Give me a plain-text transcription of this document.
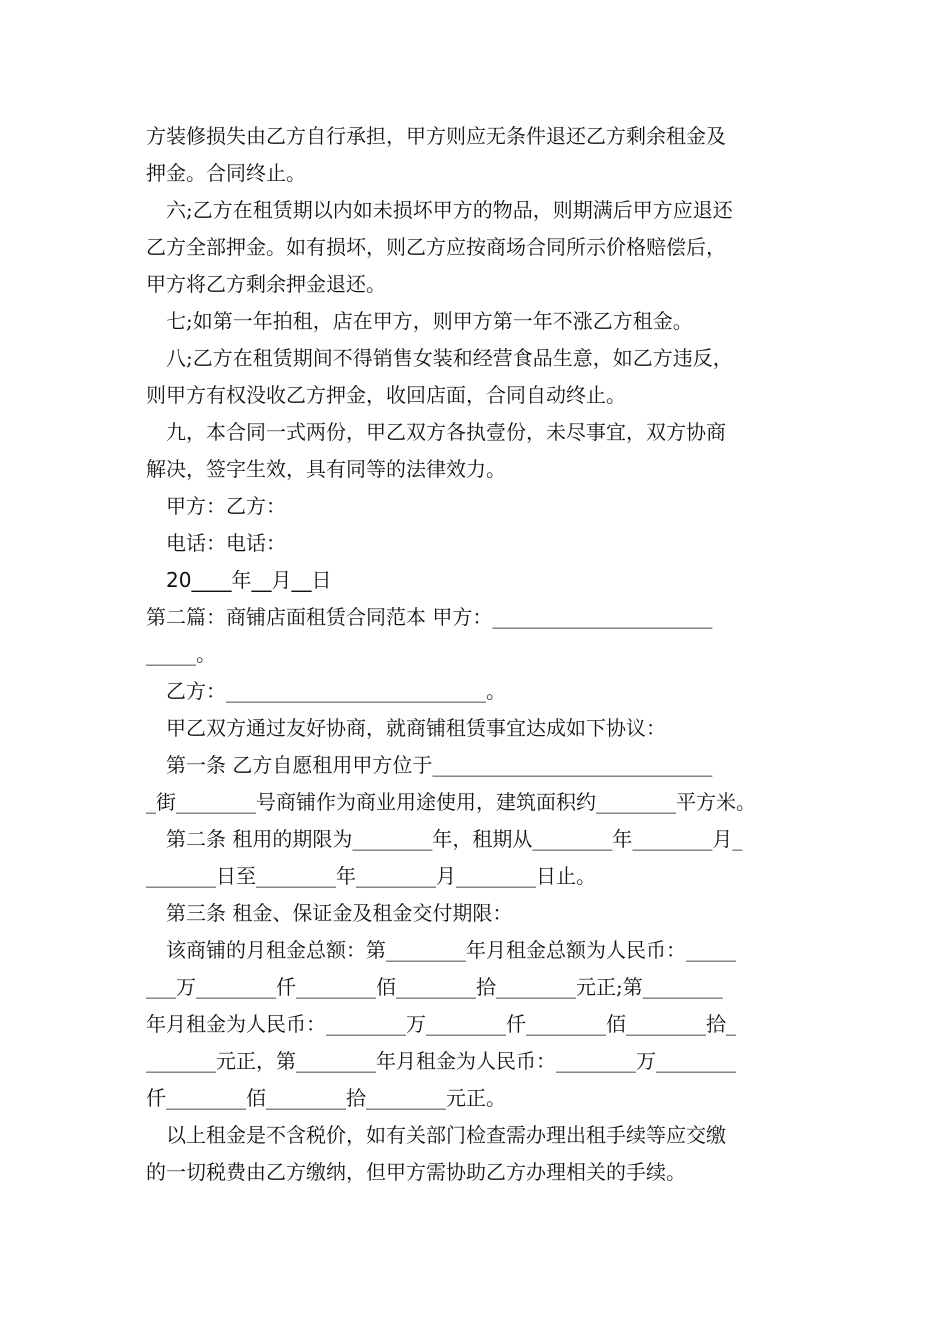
方装修损失由乙方自行承担，甲方则应无条件退还乙方剩余租金及
押金。合同终止。
六;乙方在租赁期以内如未损坏甲方的物品，则期满后甲方应退还
乙方全部押金。如有损坏，则乙方应按商场合同所示价格赔偿后，
甲方将乙方剩余押金退还。
七;如第一年拍租，店在甲方，则甲方第一年不涨乙方租金。
八;乙方在租赁期间不得销售女装和经营食品生意，如乙方违反，
则甲方有权没收乙方押金，收回店面，合同自动终止。
九，本合同一式两份，甲乙双方各执壹份，未尽事宜，双方协商
解决，签字生效，具有同等的法律效力。
甲方：乙方：
电话：电话：
20____年__月__日
第二篇：商铺店面租赁合同范本 甲方：______________________
_____。
乙方：__________________________。
甲乙双方通过友好协商，就商铺租赁事宜达成如下协议：
第一条 乙方自愿租用甲方位于____________________________
_街________号商铺作为商业用途使用，建筑面积约________平方米。
第二条 租用的期限为________年，租期从________年________月_
_______日至________年________月________日止。
第三条 租金、保证金及租金交付期限：
该商铺的月租金总额：第________年月租金总额为人民币：_____
___万________仟________佰________拾________元正;第________
年月租金为人民币：________万________仟________佰________拾_
_______元正，第________年月租金为人民币：________万________
仟________佰________拾________元正。
以上租金是不含税价，如有关部门检查需办理出租手续等应交缴
的一切税费由乙方缴纳，但甲方需协助乙方办理相关的手续。
